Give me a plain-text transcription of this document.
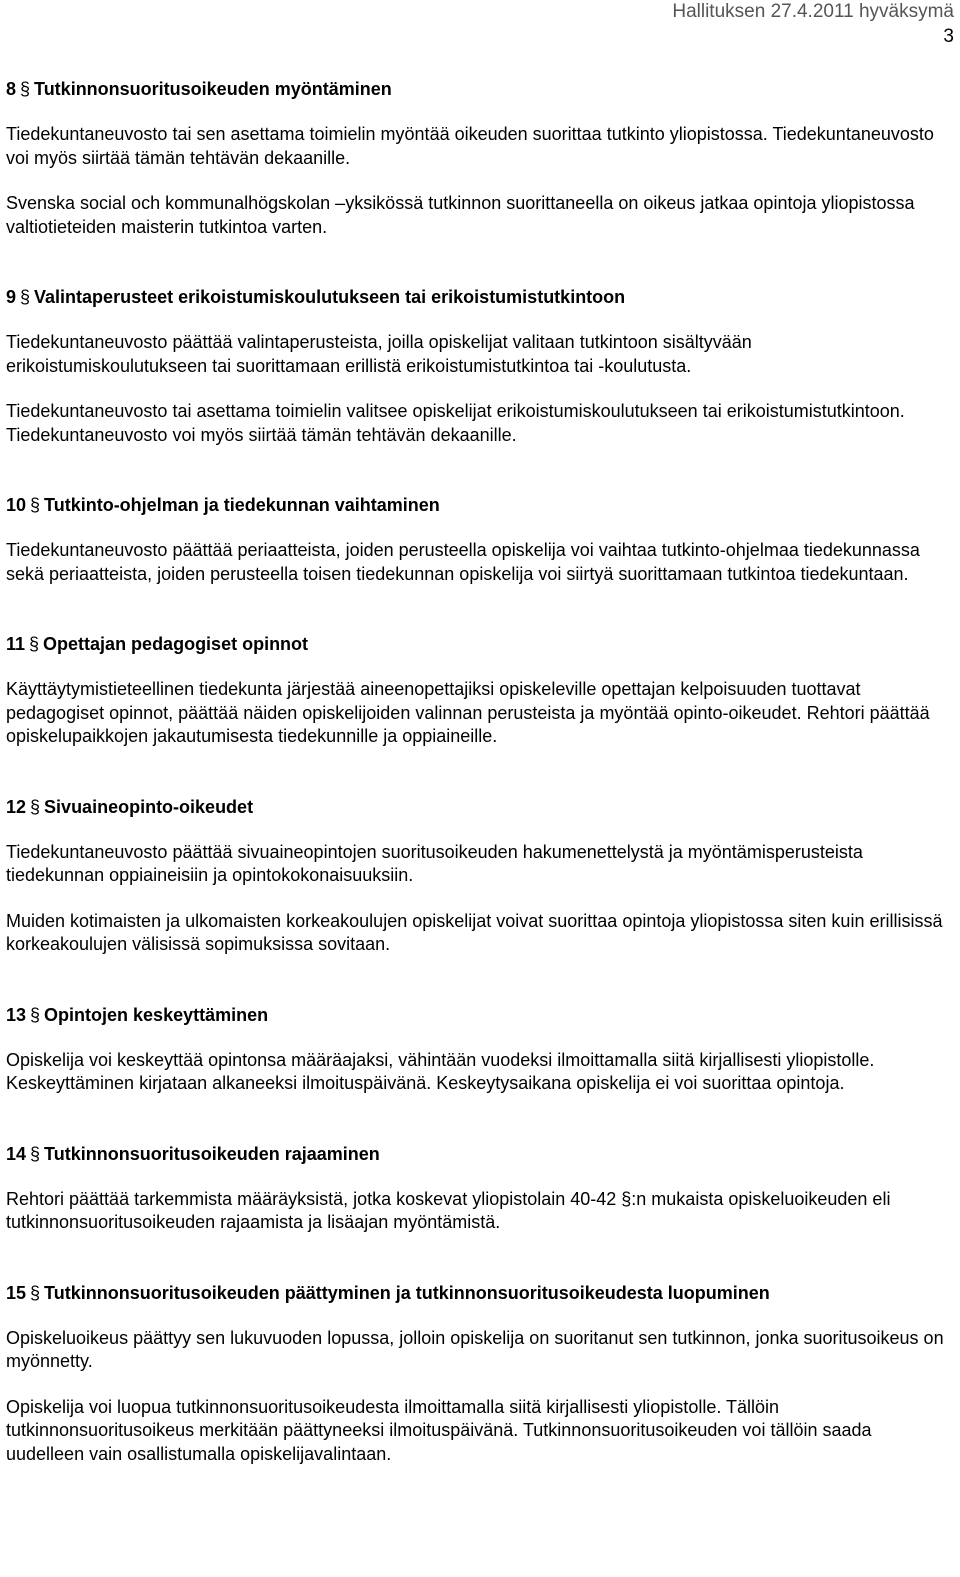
Hallituksen 27.4.2011 hyväksymä
3
8 § Tutkinnonsuoritusoikeuden myöntäminen
Tiedekuntaneuvosto tai sen asettama toimielin myöntää oikeuden suorittaa tutkinto yliopistossa. Tiedekuntaneuvosto voi myös siirtää tämän tehtävän dekaanille.
Svenska social och kommunalhögskolan –yksikössä tutkinnon suorittaneella on oikeus jatkaa opintoja yliopistossa valtiotieteiden maisterin tutkintoa varten.
9 § Valintaperusteet erikoistumiskoulutukseen tai erikoistumistutkintoon
Tiedekuntaneuvosto päättää valintaperusteista, joilla opiskelijat valitaan tutkintoon sisältyvään erikoistumiskoulutukseen tai suorittamaan erillistä erikoistumistutkintoa tai -koulutusta.
Tiedekuntaneuvosto tai asettama toimielin valitsee opiskelijat erikoistumiskoulutukseen tai erikoistumistutkintoon. Tiedekuntaneuvosto voi myös siirtää tämän tehtävän dekaanille.
10 § Tutkinto-ohjelman ja tiedekunnan vaihtaminen
Tiedekuntaneuvosto päättää periaatteista, joiden perusteella opiskelija voi vaihtaa tutkinto-ohjelmaa tiedekunnassa sekä periaatteista, joiden perusteella toisen tiedekunnan opiskelija voi siirtyä suorittamaan tutkintoa tiedekuntaan.
11 § Opettajan pedagogiset opinnot
Käyttäytymistieteellinen tiedekunta järjestää aineenopettajiksi opiskeleville opettajan kelpoisuuden tuottavat pedagogiset opinnot, päättää näiden opiskelijoiden valinnan perusteista ja myöntää opinto-oikeudet. Rehtori päättää opiskelupaikkojen jakautumisesta tiedekunnille ja oppiaineille.
12 § Sivuaineopinto-oikeudet
Tiedekuntaneuvosto päättää sivuaineopintojen suoritusoikeuden hakumenettelystä ja myöntämisperusteista tiedekunnan oppiaineisiin ja opintokokonaisuuksiin.
Muiden kotimaisten ja ulkomaisten korkeakoulujen opiskelijat voivat suorittaa opintoja yliopistossa siten kuin erillisissä korkeakoulujen välisissä sopimuksissa sovitaan.
13 § Opintojen keskeyttäminen
Opiskelija voi keskeyttää opintonsa määräajaksi, vähintään vuodeksi ilmoittamalla siitä kirjallisesti yliopistolle. Keskeyttäminen kirjataan alkaneeksi ilmoituspäivänä. Keskeytysaikana opiskelija ei voi suorittaa opintoja.
14 § Tutkinnonsuoritusoikeuden rajaaminen
Rehtori päättää tarkemmista määräyksistä, jotka koskevat yliopistolain 40-42 §:n mukaista opiskeluoikeuden eli tutkinnonsuoritusoikeuden rajaamista ja lisäajan myöntämistä.
15 § Tutkinnonsuoritusoikeuden päättyminen ja tutkinnonsuoritusoikeudesta luopuminen
Opiskeluoikeus päättyy sen lukuvuoden lopussa, jolloin opiskelija on suoritanut sen tutkinnon, jonka suoritusoikeus on myönnetty.
Opiskelija voi luopua tutkinnonsuoritusoikeudesta ilmoittamalla siitä kirjallisesti yliopistolle. Tällöin tutkinnonsuoritusoikeus merkitään päättyneeksi ilmoituspäivänä. Tutkinnonsuoritusoikeuden voi tällöin saada uudelleen vain osallistumalla opiskelijavalintaan.
